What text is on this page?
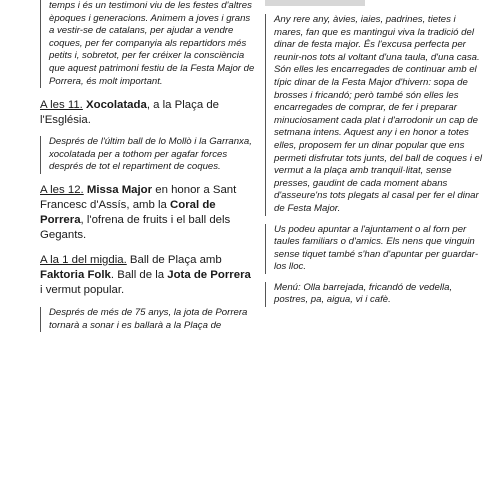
temps i és un testimoni viu de les festes d'altres èpoques i generacions. Animem a joves i grans a vestir-se de catalans, per ajudar a vendre coques, per fer companyia als repartidors més petits i, sobretot, per fer créixer la consciència que aquest patrimoni festiu de la Festa Major de Porrera, és molt important.

A les 11. Xocolatada, a la Plaça de l'Església.

Després de l'últim ball de lo Mollò i la Garranxa, xocolatada per a tothom per agafar forces després de tot el repartiment de coques.

A les 12. Missa Major en honor a Sant Francesc d'Assís, amb la Coral de Porrera, l'ofrena de fruits i el ball dels Gegants.

A la 1 del migdia. Ball de Plaça amb Faktoria Folk. Ball de la Jota de Porrera i vermut popular.

Després de més de 75 anys, la jota de Porrera tornarà a sonar i es ballarà a la Plaça de

Any rere any, àvies, iaies, padrines, tietes i mares, fan que es mantingui viva la tradició del dinar de festa major. És l'excusa perfecta per reunir-nos tots al voltant d'una taula, d'una casa. Són elles les encarregades de continuar amb el típic dinar de la Festa Major d'hivern: sopa de brosses i fricandó; però també són elles les encarregades de comprar, de fer i preparar minuciosament cada plat i d'arrodonir un cap de setmana intens. Aquest any i en honor a totes elles, proposem fer un dinar popular que ens permeti disfrutar tots junts, del ball de coques i el vermut a la plaça amb tranquil·litat, sense presses, gaudint de cada moment abans d'asseure'ns tots plegats al casal per fer el dinar de Festa Major.

Us podeu apuntar a l'ajuntament o al forn per taules familiars o d'amics. Els nens que vinguin sense tiquet també s'han d'apuntar per guardar-los lloc.

Menú: Olla barrejada, fricandó de vedella, postres, pa, aigua, vi i cafè.
